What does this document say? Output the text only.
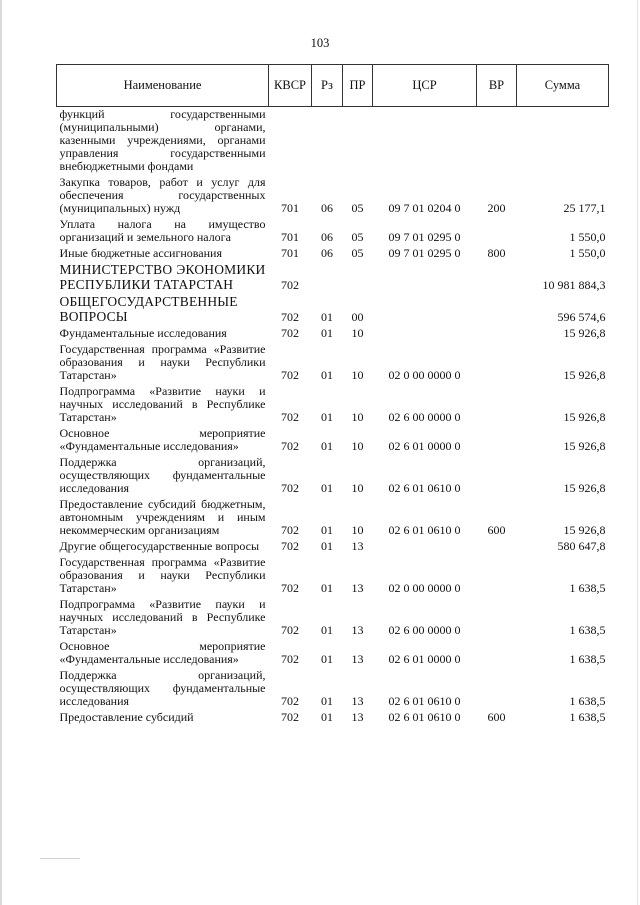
103
Наименование	КВСР	Рз	ПР	ЦСР	ВР	Сумма
функций государственными (муниципальными) органами, казенными учреждениями, органами управления государственными внебюджетными фондами						
Закупка товаров, работ и услуг для обеспечения государственных (муниципальных) нужд	701	06	05	09 7 01 0204 0	200	25 177,1
Уплата налога на имущество организаций и земельного налога	701	06	05	09 7 01 0295 0		1 550,0
Иные бюджетные ассигнования	701	06	05	09 7 01 0295 0	800	1 550,0
МИНИСТЕРСТВО ЭКОНОМИКИ РЕСПУБЛИКИ ТАТАРСТАН	702					10 981 884,3
ОБЩЕГОСУДАРСТВЕННЫЕ ВОПРОСЫ	702	01	00			596 574,6
Фундаментальные исследования	702	01	10			15 926,8
Государственная программа «Развитие образования и науки Республики Татарстан»	702	01	10	02 0 00 0000 0		15 926,8
Подпрограмма «Развитие науки и научных исследований в Республике Татарстан»	702	01	10	02 6 00 0000 0		15 926,8
Основное мероприятие «Фундаментальные исследования»	702	01	10	02 6 01 0000 0		15 926,8
Поддержка организаций, осуществляющих фундаментальные исследования	702	01	10	02 6 01 0610 0		15 926,8
Предоставление субсидий бюджетным, автономным учреждениям и иным некоммерческим организациям	702	01	10	02 6 01 0610 0	600	15 926,8
Другие общегосударственные вопросы	702	01	13			580 647,8
Государственная программа «Развитие образования и науки Республики Татарстан»	702	01	13	02 0 00 0000 0		1 638,5
Подпрограмма «Развитие пауки и научных исследований в Республике Татарстан»	702	01	13	02 6 00 0000 0		1 638,5
Основное мероприятие «Фундаментальные исследования»	702	01	13	02 6 01 0000 0		1 638,5
Поддержка организаций, осуществляющих фундаментальные исследования	702	01	13	02 6 01 0610 0		1 638,5
Предоставление субсидий	702	01	13	02 6 01 0610 0	600	1 638,5
